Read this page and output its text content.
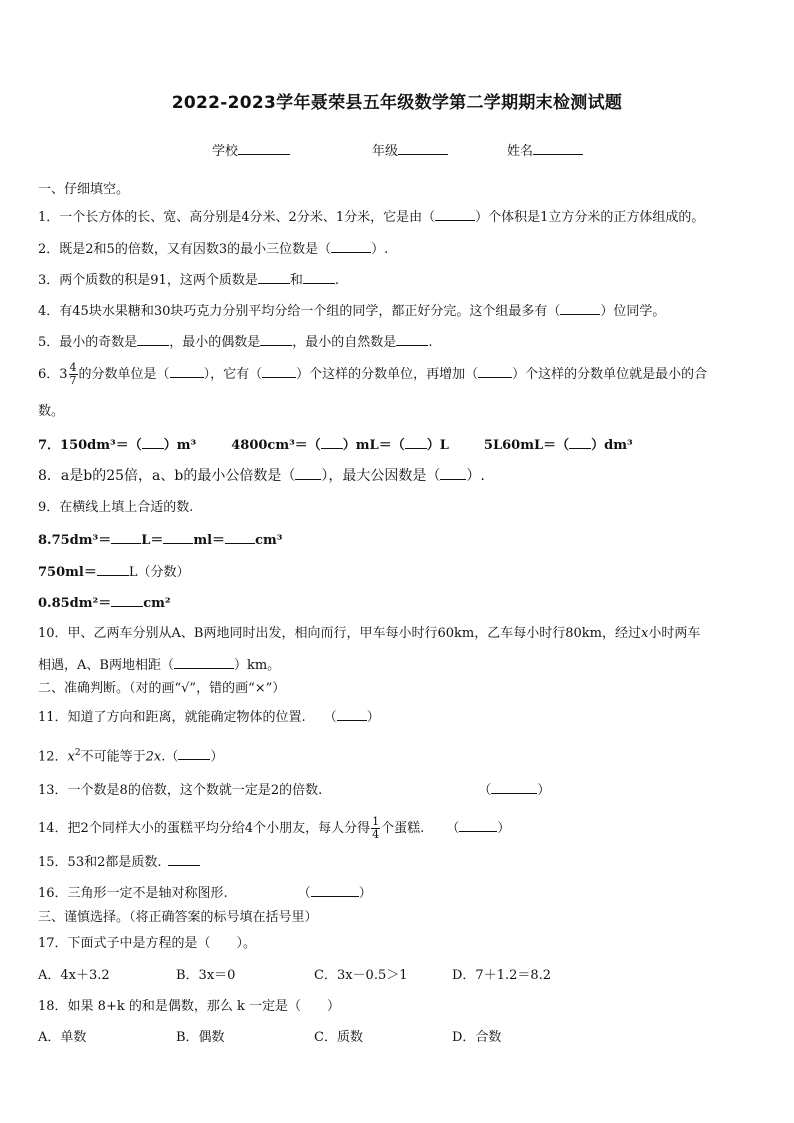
2022-2023学年聂荣县五年级数学第二学期期末检测试题
学校	年级	姓名
一、仔细填空。
1．一个长方体的长、宽、高分别是4分米、2分米、1分米，它是由（	）个体积是1立方分米的正方体组成的。
2．既是2和5的倍数，又有因数3的最小三位数是（	）.
3．两个质数的积是91，这两个质数是 和 .
4．有45块水果糖和30块巧克力分别平均分给一个组的同学，都正好分完。这个组最多有（	）位同学。
5．最小的奇数是 ，最小的偶数是 ，最小的自然数是 .
6．$3 \frac{4}{7}$ 的分数单位是（	），它有（	）个这样的分数单位，再增加（	）个这样的分数单位就是最小的合
数。
7．150dm³＝（ ）m³	4800cm³＝（ ）mL＝（ ）L	5L60mL＝（ ）dm³
8．a是b的25倍，a、b的最小公倍数是（ ），最大公因数是（ ）.
9．在横线上填上合适的数.
8.75dm³＝ L＝ ml＝ cm³
750ml＝ L（分数）
0.85dm²＝ cm²
10．甲、乙两车分别从A、B两地同时出发，相向而行，甲车每小时行60km，乙车每小时行80km，经过x小时两车
相遇，A、B两地相距（	）km。
二、准确判断。（对的画“√”，错的画“×”）
11．知道了方向和距离，就能确定物体的位置. （ ）
12．$x^2$不可能等于2x.（ ）
13．一个数是8的倍数，这个数就一定是2的倍数.	（	）
14．把2个同样大小的蛋糕平均分给4个小朋友，每人分得 $\frac{1}{4}$ 个蛋糕. （	）
15．53和2都是质数.
16．三角形一定不是轴对称图形.	（	）
三、谨慎选择。（将正确答案的标号填在括号里）
17．下面式子中是方程的是（　　）。
A．4x＋3.2	B．3x＝0	C．3x－0.5＞1	D．7＋1.2＝8.2
18．如果 8+k 的和是偶数，那么 k 一定是（　　）
A．单数	B．偶数	C．质数	D．合数
